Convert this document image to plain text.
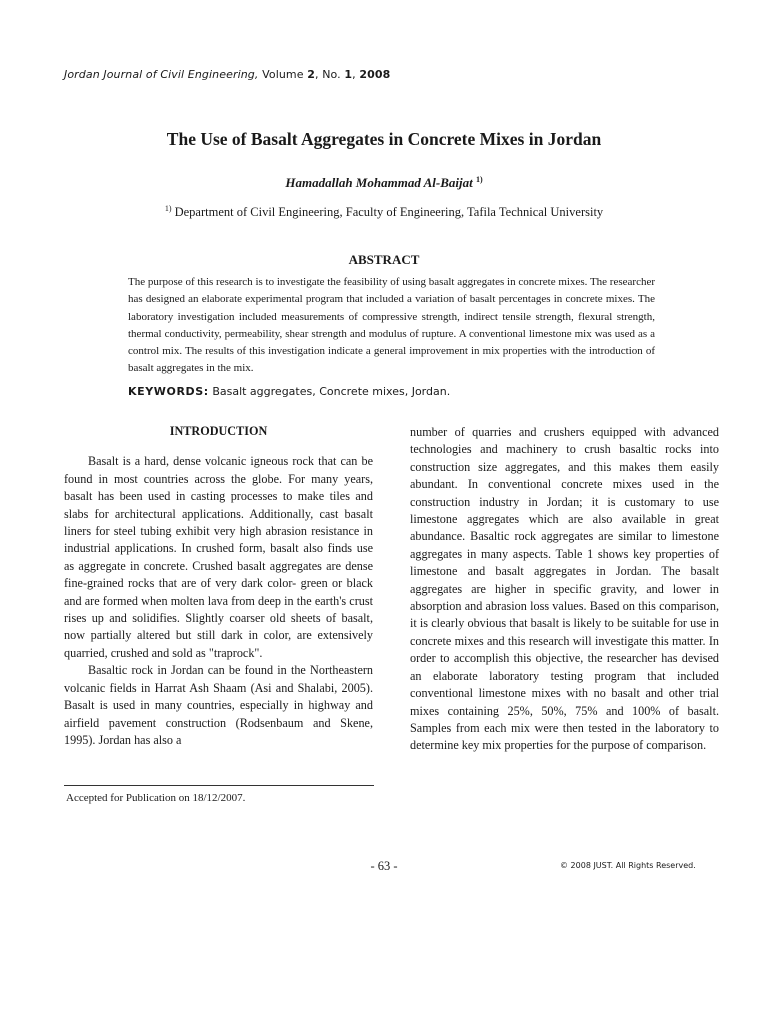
Jordan Journal of Civil Engineering, Volume 2, No. 1, 2008
The Use of Basalt Aggregates in Concrete Mixes in Jordan
Hamadallah Mohammad Al-Baijat $^{1)}$
$^{1)}$ Department of Civil Engineering, Faculty of Engineering, Tafila Technical University
ABSTRACT
The purpose of this research is to investigate the feasibility of using basalt aggregates in concrete mixes. The researcher has designed an elaborate experimental program that included a variation of basalt percentages in concrete mixes. The laboratory investigation included measurements of compressive strength, indirect tensile strength, flexural strength, thermal conductivity, permeability, shear strength and modulus of rupture. A conventional limestone mix was used as a control mix. The results of this investigation indicate a general improvement in mix properties with the introduction of basalt aggregates in the mix.
KEYWORDS: Basalt aggregates, Concrete mixes, Jordan.
INTRODUCTION

Basalt is a hard, dense volcanic igneous rock that can be found in most countries across the globe. For many years, basalt has been used in casting processes to make tiles and slabs for architectural applications. Additionally, cast basalt liners for steel tubing exhibit very high abrasion resistance in industrial applications. In crushed form, basalt also finds use as aggregate in concrete. Crushed basalt aggregates are dense fine-grained rocks that are of very dark color- green or black and are formed when molten lava from deep in the earth's crust rises up and solidifies. Slightly coarser old sheets of basalt, now partially altered but still dark in color, are extensively quarried, crushed and sold as "traprock".

Basaltic rock in Jordan can be found in the Northeastern volcanic fields in Harrat Ash Shaam (Asi and Shalabi, 2005). Basalt is used in many countries, especially in highway and airfield pavement construction (Rodsenbaum and Skene, 1995). Jordan has also a

number of quarries and crushers equipped with advanced technologies and machinery to crush basaltic rocks into construction size aggregates, and this makes them easily abundant. In conventional concrete mixes used in the construction industry in Jordan; it is customary to use limestone aggregates which are also available in great abundance. Basaltic rock aggregates are similar to limestone aggregates in many aspects. Table 1 shows key properties of limestone and basalt aggregates in Jordan. The basalt aggregates are higher in specific gravity, and lower in absorption and abrasion loss values. Based on this comparison, it is clearly obvious that basalt is likely to be suitable for use in concrete mixes and this research will investigate this matter. In order to accomplish this objective, the researcher has devised an elaborate laboratory testing program that included conventional limestone mixes with no basalt and other trial mixes containing 25%, 50%, 75% and 100% of basalt. Samples from each mix were then tested in the laboratory to determine key mix properties for the purpose of comparison.

Accepted for Publication on 18/12/2007.
- 63 -	© 2008 JUST. All Rights Reserved.
